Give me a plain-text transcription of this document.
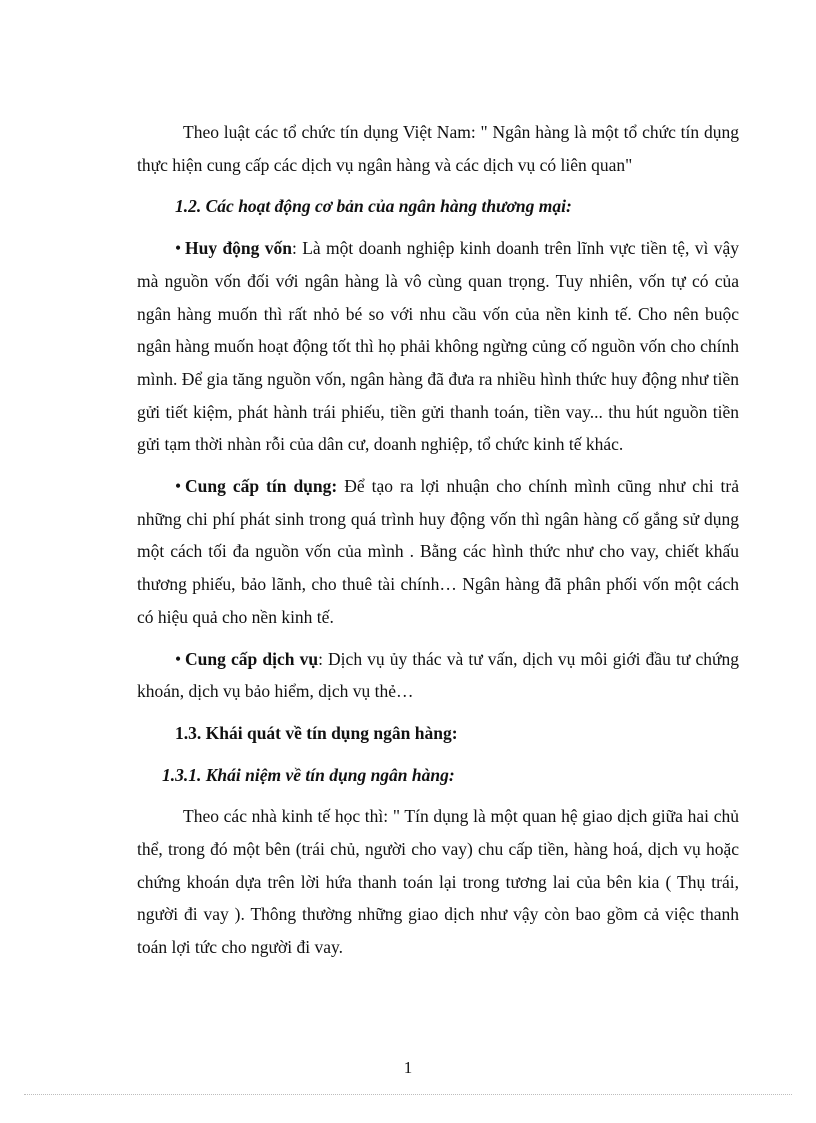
Theo luật các tổ chức tín dụng Việt Nam: " Ngân hàng là một tổ chức tín dụng thực hiện cung cấp các dịch vụ ngân hàng và các dịch vụ có liên quan"

1.2. Các hoạt động cơ bản của ngân hàng thương mại:

• Huy động vốn: Là một doanh nghiệp kinh doanh trên lĩnh vực tiền tệ, vì vậy mà nguồn vốn đối với ngân hàng là vô cùng quan trọng. Tuy nhiên, vốn tự có của ngân hàng muốn thì rất nhỏ bé so với nhu cầu vốn của nền kinh tế. Cho nên buộc ngân hàng muốn hoạt động tốt thì họ phải không ngừng củng cố nguồn vốn cho chính mình. Để gia tăng nguồn vốn, ngân hàng đã đưa ra nhiều hình thức huy động như tiền gửi tiết kiệm, phát hành trái phiếu, tiền gửi thanh toán, tiền vay... thu hút nguồn tiền gửi tạm thời nhàn rỗi của dân cư, doanh nghiệp, tổ chức kinh tế khác.

• Cung cấp tín dụng: Để tạo ra lợi nhuận cho chính mình cũng như chi trả những chi phí phát sinh trong quá trình huy động vốn thì ngân hàng cố gắng sử dụng một cách tối đa nguồn vốn của mình . Bằng các hình thức như cho vay, chiết khấu thương phiếu, bảo lãnh, cho thuê tài chính… Ngân hàng đã phân phối vốn một cách có hiệu quả cho nền kinh tế.

• Cung cấp dịch vụ: Dịch vụ ủy thác và tư vấn, dịch vụ môi giới đầu tư chứng khoán, dịch vụ bảo hiểm, dịch vụ thẻ…

1.3. Khái quát về tín dụng ngân hàng:

1.3.1. Khái niệm về tín dụng ngân hàng:

Theo các nhà kinh tế học thì: " Tín dụng là một quan hệ giao dịch giữa hai chủ thể, trong đó một bên (trái chủ, người cho vay) chu cấp tiền, hàng hoá, dịch vụ hoặc chứng khoán dựa trên lời hứa thanh toán lại trong tương lai của bên kia ( Thụ trái, người đi vay ). Thông thường những giao dịch như vậy còn bao gồm cả việc thanh toán lợi tức cho người đi vay.

1
